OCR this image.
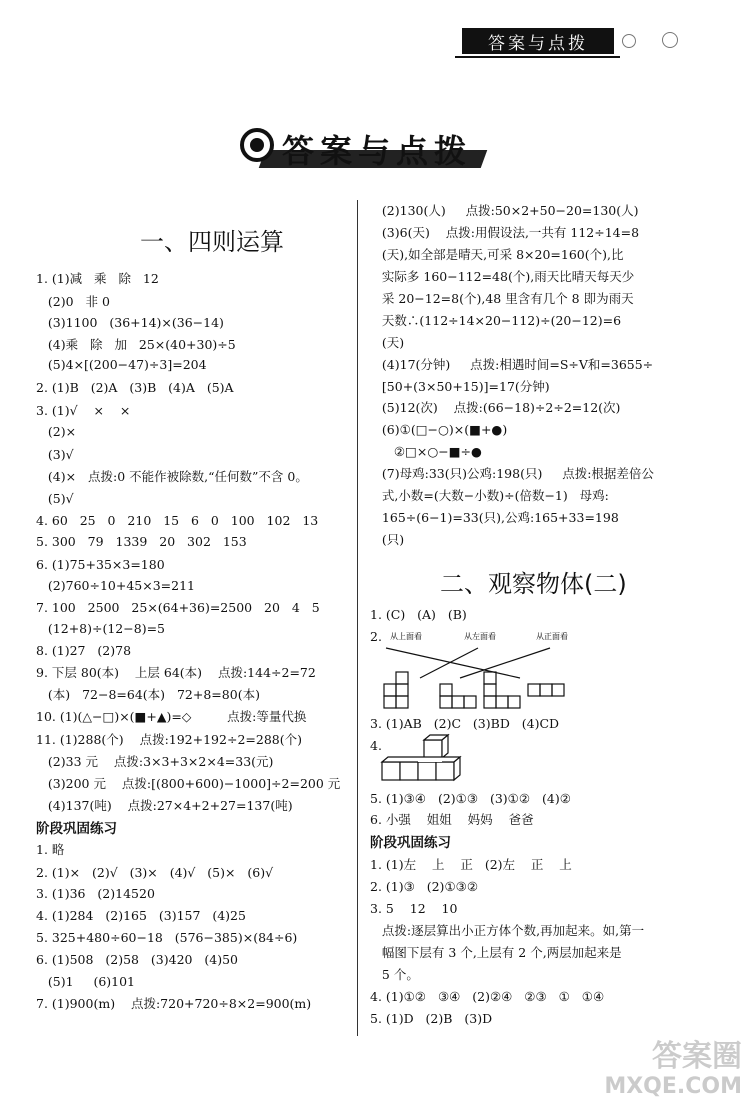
答案与点拨
答案与点拨
一、四则运算
1. (1)减   乘   除   12
(2)0   非 0
(3)1100   (36+14)×(36−14)
(4)乘   除   加   25×(40+30)÷5
(5)4×[(200−47)÷3]=204
2. (1)B   (2)A   (3)B   (4)A   (5)A
3. (1)√    ×    ×
(2)×
(3)√
(4)×   点拨:0 不能作被除数,“任何数”不含 0。
(5)√
4. 60   25   0   210   15   6   0   100   102   13
5. 300   79   1339   20   302   153
6. (1)75+35×3=180
(2)760÷10+45×3=211
7. 100   2500   25×(64+36)=2500   20   4   5
(12+8)÷(12−8)=5
8. (1)27   (2)78
9. 下层 80(本)    上层 64(本)    点拨:144÷2=72
(本)   72−8=64(本)   72+8=80(本)
10. (1)(△−□)×(■+▲)=◇         点拨:等量代换
11. (1)288(个)    点拨:192+192÷2=288(个)
(2)33 元    点拨:3×3+3×2×4=33(元)
(3)200 元    点拨:[(800+600)−1000]÷2=200 元
(4)137(吨)    点拨:27×4+2+27=137(吨)
阶段巩固练习
1. 略
2. (1)×   (2)√   (3)×   (4)√   (5)×   (6)√
3. (1)36   (2)14520
4. (1)284   (2)165   (3)157   (4)25
5. 325+480÷60−18   (576−385)×(84÷6)
6. (1)508   (2)58   (3)420   (4)50
(5)1     (6)101
7. (1)900(m)    点拨:720+720÷8×2=900(m)
(2)130(人)     点拨:50×2+50−20=130(人)
(3)6(天)    点拨:用假设法,一共有 112÷14=8
(天),如全部是晴天,可采 8×20=160(个),比
实际多 160−112=48(个),雨天比晴天每天少
采 20−12=8(个),48 里含有几个 8 即为雨天
天数∴(112÷14×20−112)÷(20−12)=6
(天)
(4)17(分钟)     点拨:相遇时间=S÷V和=3655÷
[50+(3×50+15)]=17(分钟)
(5)12(次)    点拨:(66−18)÷2÷2=12(次)
(6)①(□−○)×(■+●)
②□×○−■÷●
(7)母鸡:33(只)公鸡:198(只)     点拨:根据差倍公
式,小数=(大数−小数)÷(倍数−1)   母鸡:
165÷(6−1)=33(只),公鸡:165+33=198
(只)
二、观察物体(二)
1. (C)   (A)   (B)
2.
3. (1)AB   (2)C   (3)BD   (4)CD
4.
5. (1)③④   (2)①③   (3)①②   (4)②
6. 小强    姐姐    妈妈    爸爸
阶段巩固练习
1. (1)左    上    正   (2)左    正    上
2. (1)③   (2)①③②
3. 5    12    10
点拨:逐层算出小正方体个数,再加起来。如,第一
幅图下层有 3 个,上层有 2 个,两层加起来是
5 个。
4. (1)①②   ③④   (2)②④   ②③   ①   ①④
5. (1)D   (2)B   (3)D
从上面看	从左面看	从正面看
答案圈
MXQE.COM
